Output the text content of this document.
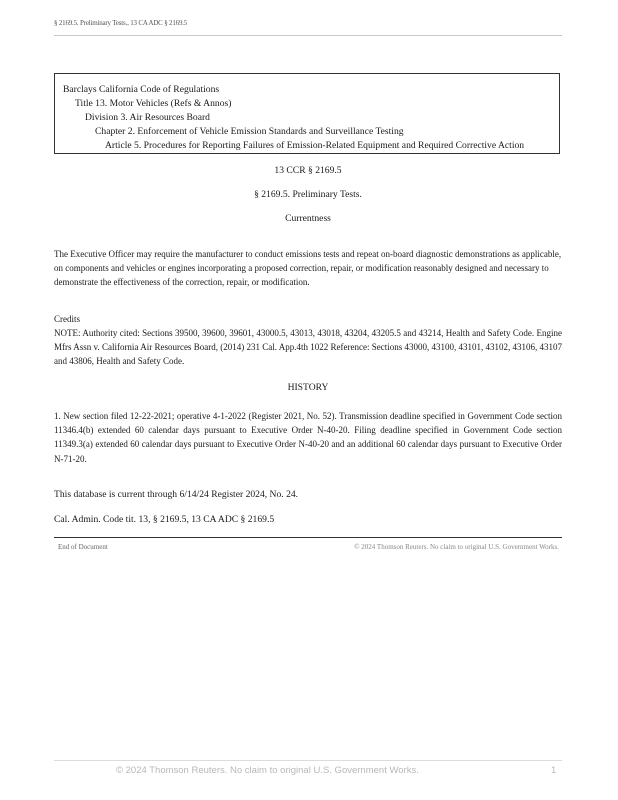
§ 2169.5. Preliminary Tests., 13 CA ADC § 2169.5
Barclays California Code of Regulations
Title 13. Motor Vehicles (Refs & Annos)
Division 3. Air Resources Board
Chapter 2. Enforcement of Vehicle Emission Standards and Surveillance Testing
Article 5. Procedures for Reporting Failures of Emission-Related Equipment and Required Corrective Action
13 CCR § 2169.5
§ 2169.5. Preliminary Tests.
Currentness
The Executive Officer may require the manufacturer to conduct emissions tests and repeat on-board diagnostic demonstrations as applicable, on components and vehicles or engines incorporating a proposed correction, repair, or modification reasonably designed and necessary to demonstrate the effectiveness of the correction, repair, or modification.
Credits
NOTE: Authority cited: Sections 39500, 39600, 39601, 43000.5, 43013, 43018, 43204, 43205.5 and 43214, Health and Safety Code. Engine Mfrs Assn v. California Air Resources Board, (2014) 231 Cal. App.4th 1022 Reference: Sections 43000, 43100, 43101, 43102, 43106, 43107 and 43806, Health and Safety Code.
HISTORY
1. New section filed 12-22-2021; operative 4-1-2022 (Register 2021, No. 52). Transmission deadline specified in Government Code section 11346.4(b) extended 60 calendar days pursuant to Executive Order N-40-20. Filing deadline specified in Government Code section 11349.3(a) extended 60 calendar days pursuant to Executive Order N-40-20 and an additional 60 calendar days pursuant to Executive Order N-71-20.
This database is current through 6/14/24 Register 2024, No. 24.
Cal. Admin. Code tit. 13, § 2169.5, 13 CA ADC § 2169.5
End of Document	© 2024 Thomson Reuters. No claim to original U.S. Government Works.
© 2024 Thomson Reuters. No claim to original U.S. Government Works.	1
